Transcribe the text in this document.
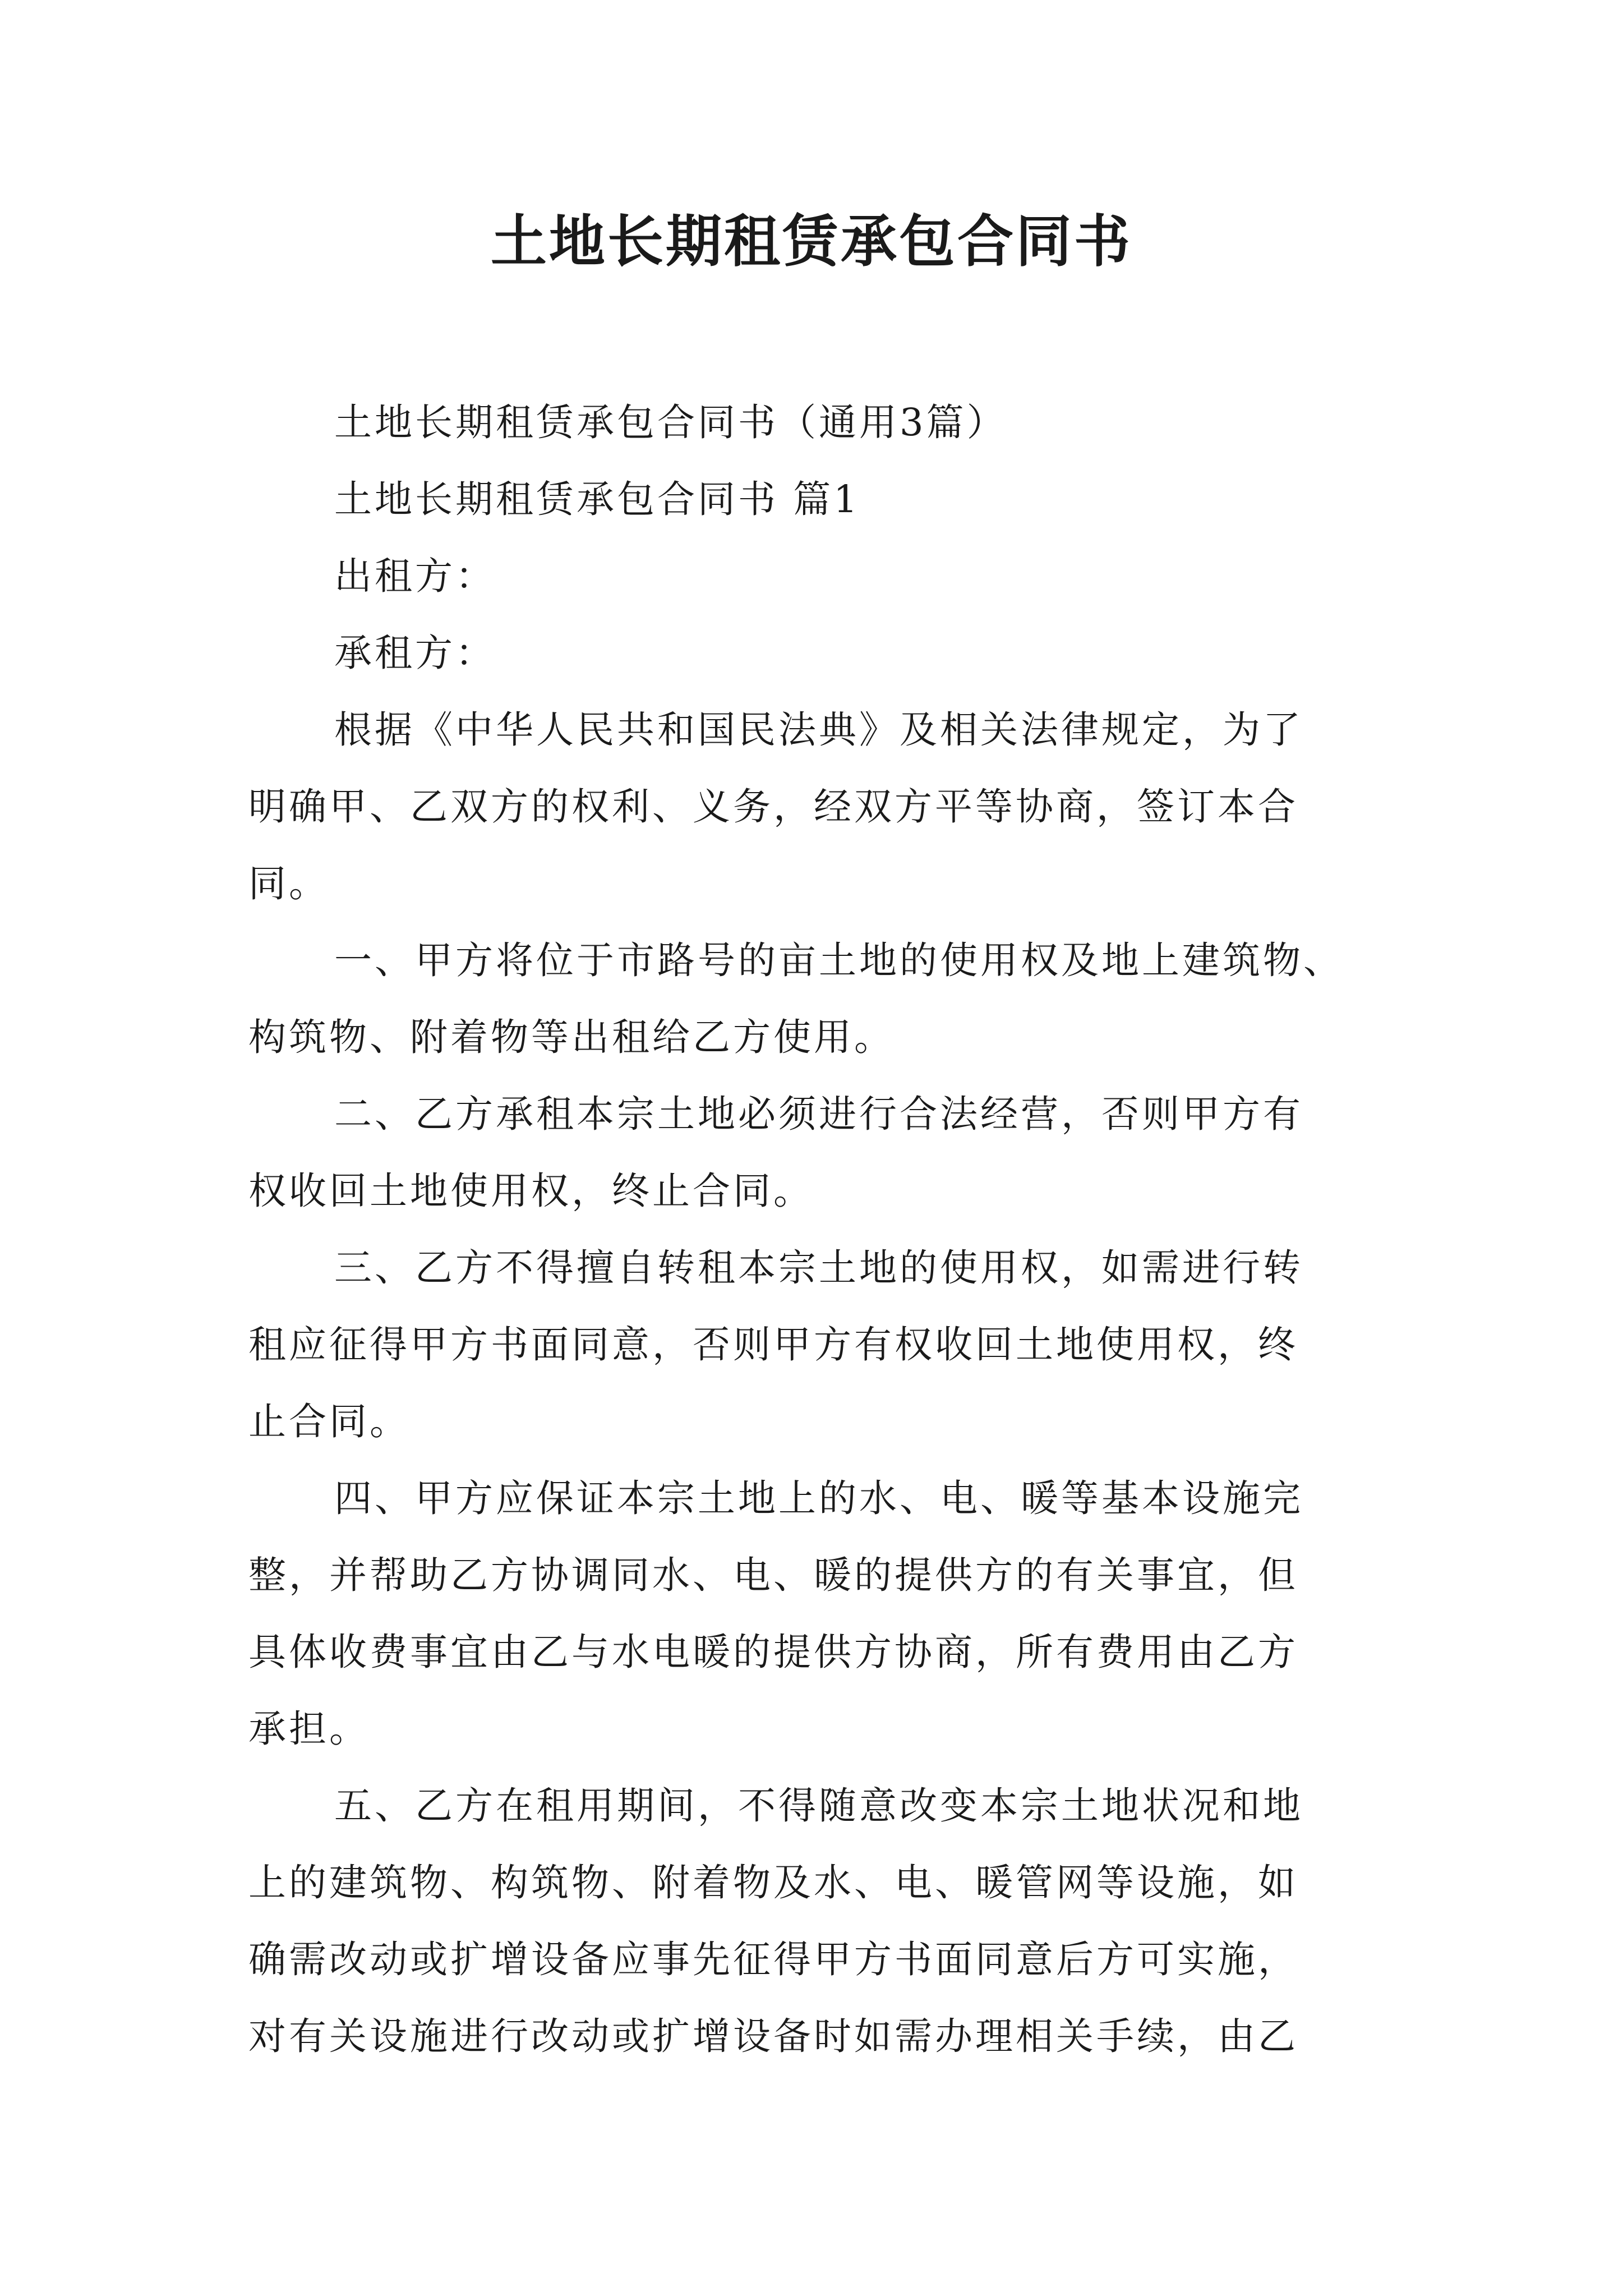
土地长期租赁承包合同书

土地长期租赁承包合同书（通用3篇）

土地长期租赁承包合同书 篇1

出租方：

承租方：

根据《中华人民共和国民法典》及相关法律规定，为了

明确甲、乙双方的权利、义务，经双方平等协商，签订本合

同。

一、甲方将位于市路号的亩土地的使用权及地上建筑物、

构筑物、附着物等出租给乙方使用。

二、乙方承租本宗土地必须进行合法经营，否则甲方有

权收回土地使用权，终止合同。

三、乙方不得擅自转租本宗土地的使用权，如需进行转

租应征得甲方书面同意，否则甲方有权收回土地使用权，终

止合同。

四、甲方应保证本宗土地上的水、电、暖等基本设施完

整，并帮助乙方协调同水、电、暖的提供方的有关事宜，但

具体收费事宜由乙与水电暖的提供方协商，所有费用由乙方

承担。

五、乙方在租用期间，不得随意改变本宗土地状况和地

上的建筑物、构筑物、附着物及水、电、暖管网等设施，如

确需改动或扩增设备应事先征得甲方书面同意后方可实施，

对有关设施进行改动或扩增设备时如需办理相关手续，由乙
